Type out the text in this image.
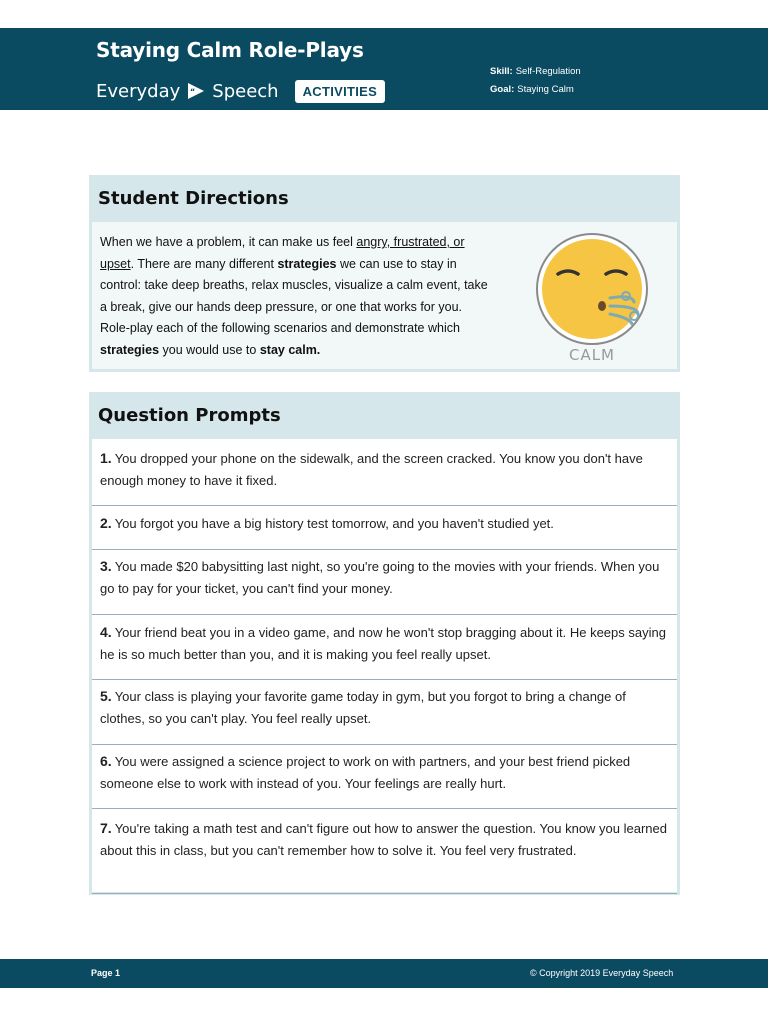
Staying Calm Role-Plays
Everyday “ Speech	ACTIVITIES
Skill: Self-Regulation
Goal: Staying Calm
Student Directions
When we have a problem, it can make us feel angry, frustrated, or upset. There are many different strategies we can use to stay in control: take deep breaths, relax muscles, visualize a calm event, take a break, give our hands deep pressure, or one that works for you. Role-play each of the following scenarios and demonstrate which strategies you would use to stay calm.	CALM
Question Prompts
1. You dropped your phone on the sidewalk, and the screen cracked. You know you don't have enough money to have it fixed.
2. You forgot you have a big history test tomorrow, and you haven't studied yet.
3. You made $20 babysitting last night, so you're going to the movies with your friends. When you go to pay for your ticket, you can't find your money.
4. Your friend beat you in a video game, and now he won't stop bragging about it. He keeps saying he is so much better than you, and it is making you feel really upset.
5. Your class is playing your favorite game today in gym, but you forgot to bring a change of clothes, so you can't play. You feel really upset.
6. You were assigned a science project to work on with partners, and your best friend picked someone else to work with instead of you. Your feelings are really hurt.
7. You're taking a math test and can't figure out how to answer the question. You know you learned about this in class, but you can't remember how to solve it. You feel very frustrated.
Page 1	© Copyright 2019 Everyday Speech
